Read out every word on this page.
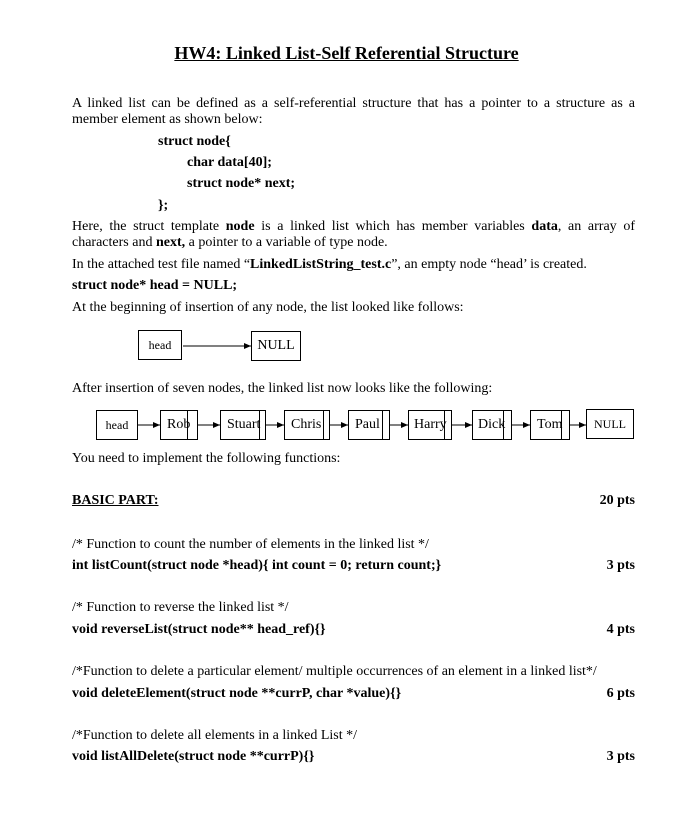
HW4: Linked List-Self Referential Structure
A linked list can be defined as a self-referential structure that has a pointer to a structure as a member element as shown below:
struct node{
char data[40];
struct node* next;
};
Here, the struct template node is a linked list which has member variables data, an array of characters and next, a pointer to a variable of type node.
In the attached test file named “LinkedListString_test.c”, an empty node “head’ is created.
struct node* head = NULL;
At the beginning of insertion of any node, the list looked like follows:
head	NULL
After insertion of seven nodes, the linked list now looks like the following:
head	Rob	Stuart Chris Paul Harry Dick Tom	NULL
You need to implement the following functions:
BASIC PART:	20 pts
/* Function to count the number of elements in the linked list */
int listCount(struct node *head){ int count = 0; return count;}	3 pts
/* Function to reverse the linked list */
void reverseList(struct node** head_ref){}	4 pts
/*Function to delete a particular element/ multiple occurrences of an element in a linked list*/
void deleteElement(struct node **currP, char *value){}	6 pts
/*Function to delete all elements in a linked List */
void listAllDelete(struct node **currP){}	3 pts
